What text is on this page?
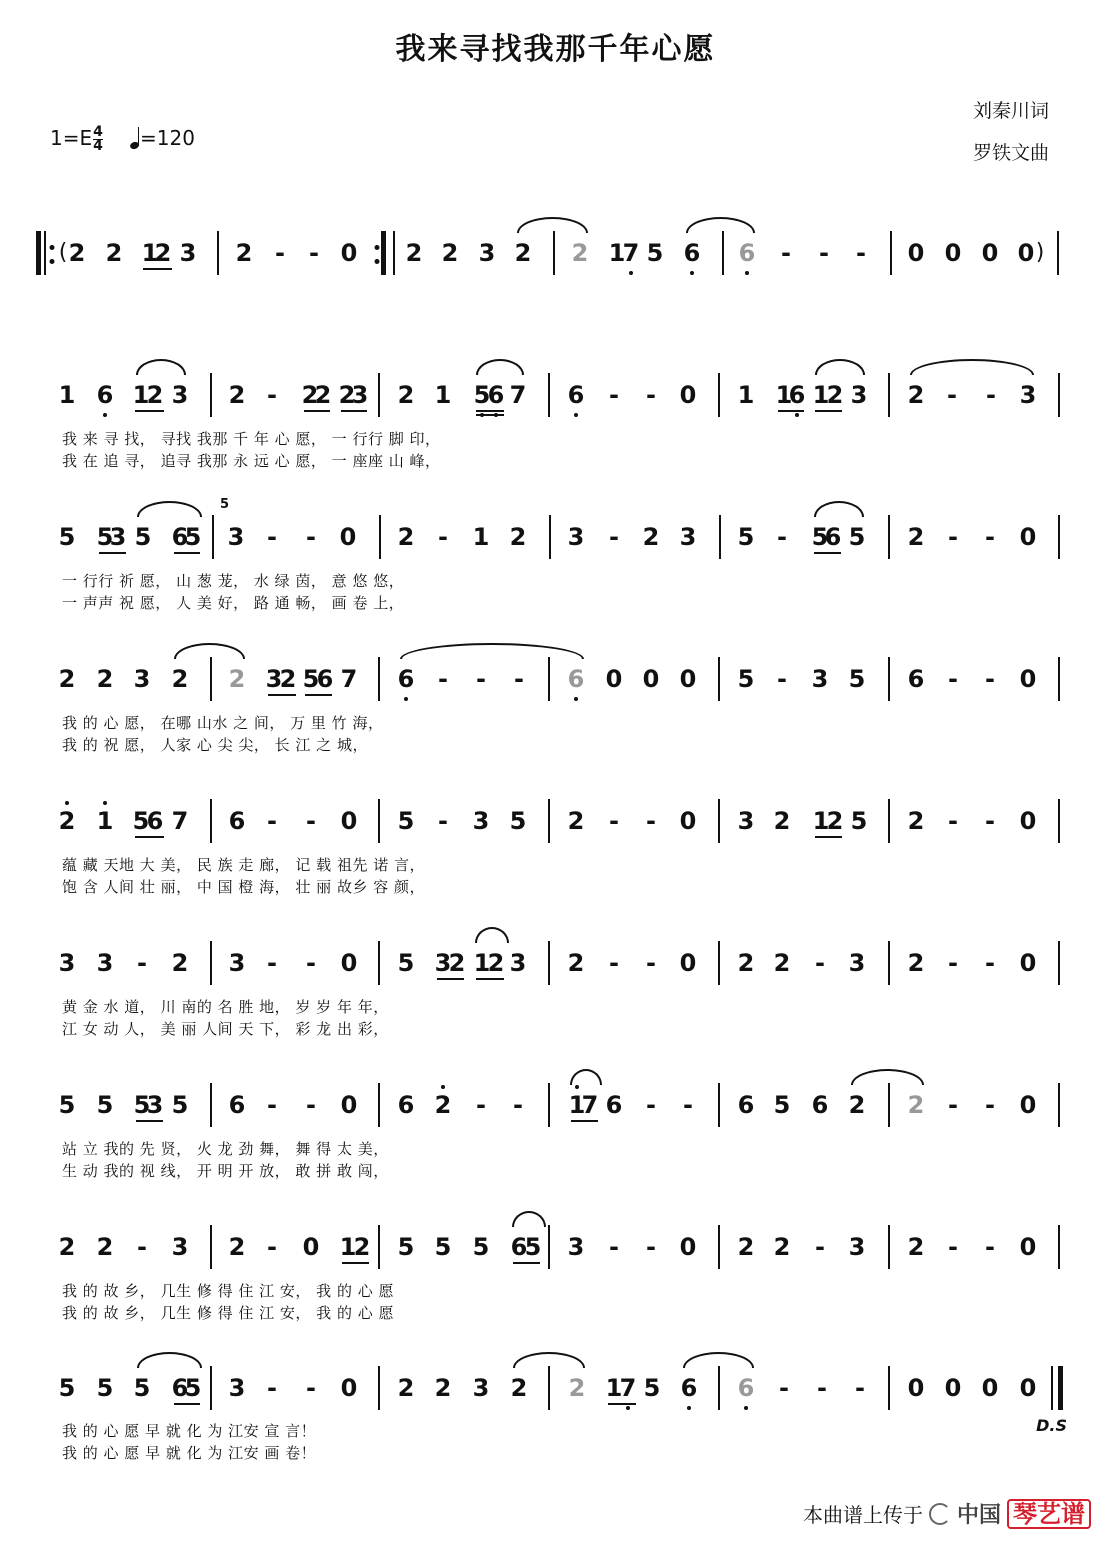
我来寻找我那千年心愿
刘秦川词
罗铁文曲
$1=E \frac{4}{4}$	=120
2 2 1
2 3 2 - - 0 2 2 3 2 2 1
7 5 6 6 - - - 0 0 0 0
(	)
1 6 1
2 3 2 - 2
2 2
3 2 1 5
6 7 6 - - 0 1 1
6 1
2 3 2 - - 3
我 来 寻 找， 寻找 我那 千 年 心 愿， 一 行行 脚 印，
我 在 追 寻， 追寻 我那 永 远 心 愿， 一 座座 山 峰，
5 5
3 5 6
5 3 - - 0 2 - 1 2 3 - 2 3 5 - 5
6 5 2 - - 0
5
一 行行 祈 愿， 山 葱 茏， 水 绿 茵， 意 悠 悠，
一 声声 祝 愿， 人 美 好， 路 通 畅， 画 卷 上，
2 2 3 2 2 3
2 5
6 7 6 - - - 6 0 0 0 5 - 3 5 6 - - 0
我 的 心 愿， 在哪 山水 之 间， 万 里 竹 海，
我 的 祝 愿， 人家 心 尖 尖， 长 江 之 城，
2 1 5
6 7 6 - - 0 5 - 3 5 2 - - 0 3 2 1
2 5 2 - - 0
蕴 藏 天地 大 美， 民 族 走 廊， 记 载 祖先 诺 言，
饱 含 人间 壮 丽， 中 国 橙 海， 壮 丽 故乡 容 颜，
3 3 - 2 3 - - 0 5 3
2 1
2 3 2 - - 0 2 2 - 3 2 - - 0
黄 金 水 道， 川 南的 名 胜 地， 岁 岁 年 年，
江 女 动 人， 美 丽 人间 天 下， 彩 龙 出 彩，
5 5 5
3 5 6 - - 0 6 2 - - 1
7 6 - - 6 5 6 2 2 - - 0
站 立 我的 先 贤， 火 龙 劲 舞， 舞 得 太 美，
生 动 我的 视 线， 开 明 开 放， 敢 拼 敢 闯，
2 2 - 3 2 - 0 1
2 5 5 5 6
5 3 - - 0 2 2 - 3 2 - - 0
我 的 故 乡， 几生 修 得 住 江 安， 我 的 心 愿
我 的 故 乡， 几生 修 得 住 江 安， 我 的 心 愿
5 5 5 6
5 3 - - 0 2 2 3 2 2 1
7 5 6 6 - - - 0 0 0 0
我 的 心 愿 早 就 化 为 江安 宣 言！
我 的 心 愿 早 就 化 为 江安 画 卷！
D.S
本曲谱上传于 中国 琴艺谱
